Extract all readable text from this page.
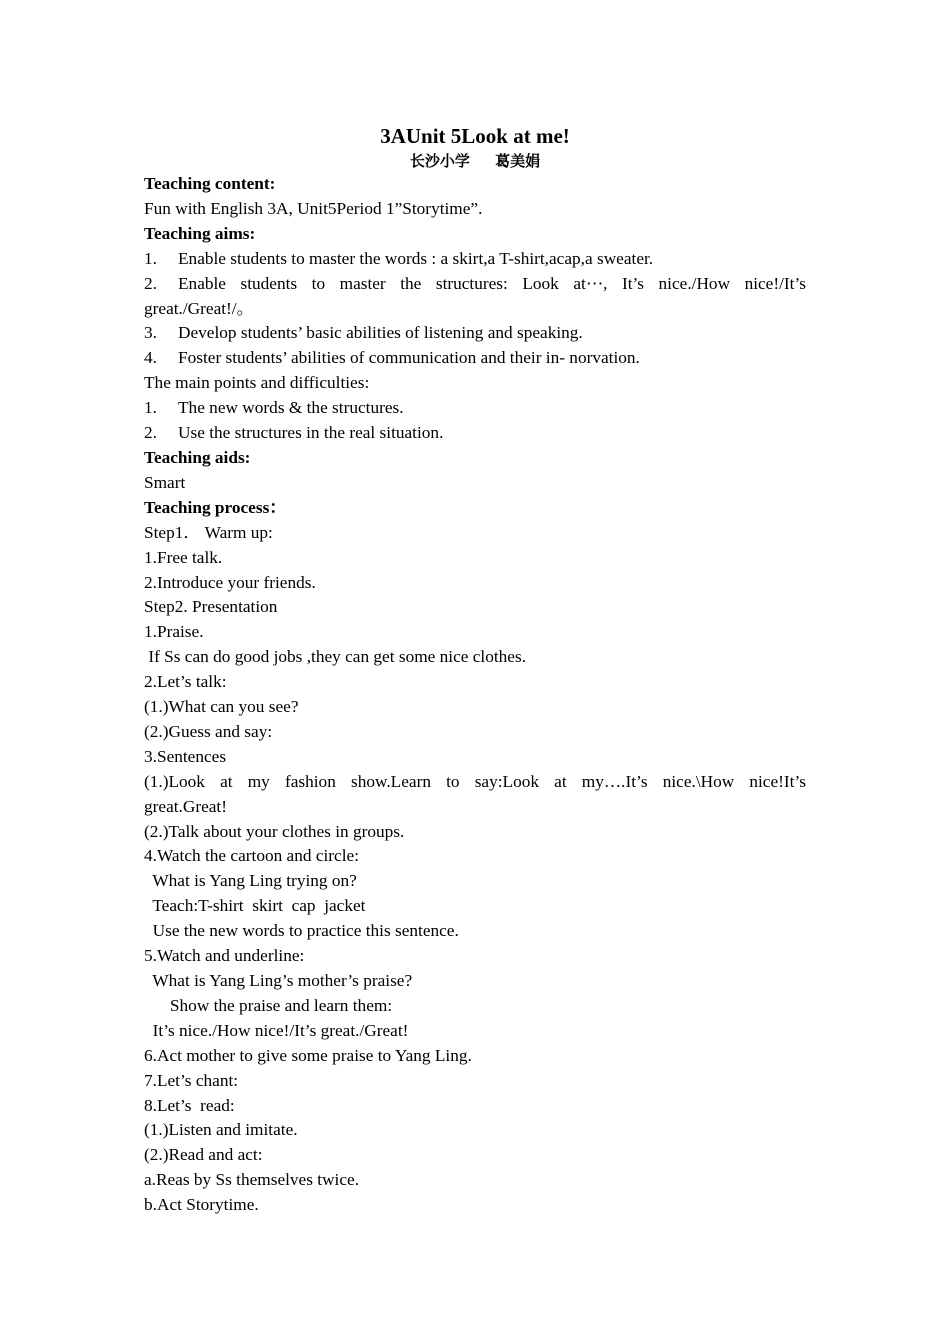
3AUnit 5Look at me!
长沙小学 葛美娟
Teaching content:
Fun with English 3A, Unit5Period 1”Storytime”.
Teaching aims:
1.	Enable students to master the words : a skirt,a T-shirt,acap,a sweater.
2.	Enable students to master the structures: Look at⋯, It’s nice./How nice!/It’s
great./Great!/。
3.	Develop students’ basic abilities of listening and speaking.
4.	Foster students’ abilities of communication and their in- norvation.
The main points and difficulties:
1.	The new words & the structures.
2.	Use the structures in the real situation.
Teaching aids:
Smart
Teaching process：
Step1． Warm up:
1.Free talk.
2.Introduce your friends.
Step2. Presentation
1.Praise.
If Ss can do good jobs ,they can get some nice clothes.
2.Let’s talk:
(1.)What can you see?
(2.)Guess and say:
3.Sentences
(1.)Look at my fashion show.Learn to say:Look at my….It’s nice.\How nice!It’s
great.Great!
(2.)Talk about your clothes in groups.
4.Watch the cartoon and circle:
What is Yang Ling trying on?
Teach:T-shirt  skirt  cap  jacket
Use the new words to practice this sentence.
5.Watch and underline:
What is Yang Ling’s mother’s praise?
Show the praise and learn them:
It’s nice./How nice!/It’s great./Great!
6.Act mother to give some praise to Yang Ling.
7.Let’s chant:
8.Let’s  read:
(1.)Listen and imitate.
(2.)Read and act:
a.Reas by Ss themselves twice.
b.Act Storytime.
